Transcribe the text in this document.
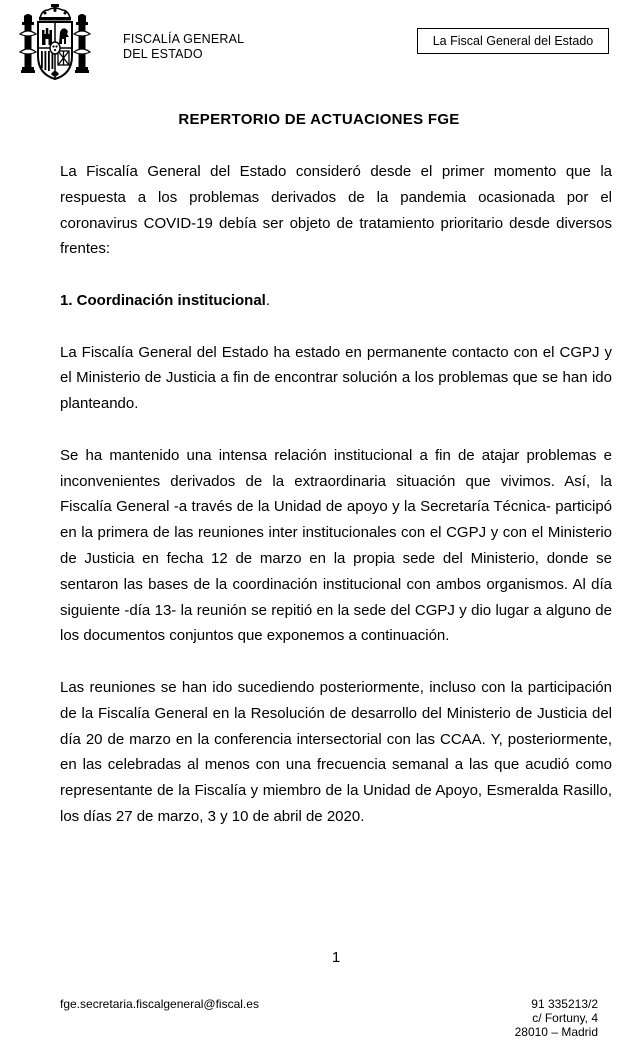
FISCALÍA GENERAL
DEL ESTADO
La Fiscal General del Estado
REPERTORIO DE ACTUACIONES FGE

La Fiscalía General del Estado consideró desde el primer momento que la respuesta a los problemas derivados de la pandemia ocasionada por el coronavirus COVID-19 debía ser objeto de tratamiento prioritario desde diversos frentes:

1. Coordinación institucional.

La Fiscalía General del Estado ha estado en permanente contacto con el CGPJ y el Ministerio de Justicia a fin de encontrar solución a los problemas que se han ido planteando.

Se ha mantenido una intensa relación institucional a fin de atajar problemas e inconvenientes derivados de la extraordinaria situación que vivimos. Así, la Fiscalía General -a través de la Unidad de apoyo y la Secretaría Técnica- participó en la primera de las reuniones inter institucionales con el CGPJ y con el Ministerio de Justicia en fecha 12 de marzo en la propia sede del Ministerio, donde se sentaron las bases de la coordinación institucional con ambos organismos. Al día siguiente -día 13- la reunión se repitió en la sede del CGPJ y dio lugar a alguno de los documentos conjuntos que exponemos a continuación.

Las reuniones se han ido sucediendo posteriormente, incluso con la participación de la Fiscalía General en la Resolución de desarrollo del Ministerio de Justicia del día 20 de marzo en la conferencia intersectorial con las CCAA. Y, posteriormente, en las celebradas al menos con una frecuencia semanal a las que acudió como representante de la Fiscalía y miembro de la Unidad de Apoyo, Esmeralda Rasillo, los días 27 de marzo, 3 y 10 de abril de 2020.

1
fge.secretaria.fiscalgeneral@fiscal.es	91 335213/2
c/ Fortuny, 4
28010 – Madrid
